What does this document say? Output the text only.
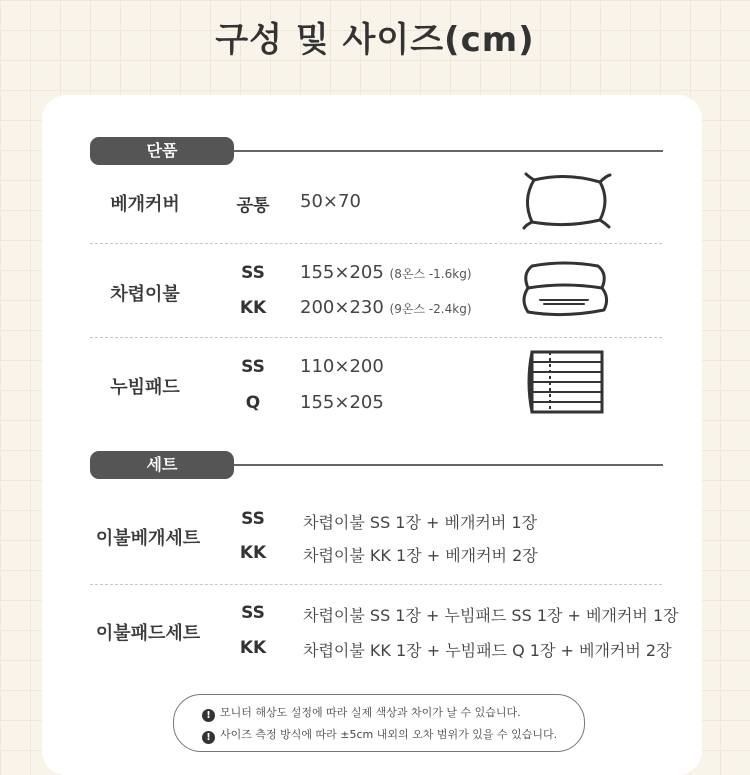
구성 및 사이즈(cm)
단품
베개커버	공통	50×70
차렵이불
SS	155×205 (8온스 -1.6kg)
KK	200×230 (9온스 -2.4kg)
누빔패드
SS	110×200
Q	155×205
세트
이불베개세트
SS	차렵이불 SS 1장 + 베개커버 1장
KK	차렵이불 KK 1장 + 베개커버 2장
이불패드세트
SS	차렵이불 SS 1장 + 누빔패드 SS 1장 + 베개커버 1장
KK	차렵이불 KK 1장 + 누빔패드 Q 1장 + 베개커버 2장
! 모니터 해상도 설정에 따라 실제 색상과 차이가 날 수 있습니다.
! 사이즈 측정 방식에 따라 ±5cm 내외의 오차 범위가 있을 수 있습니다.
